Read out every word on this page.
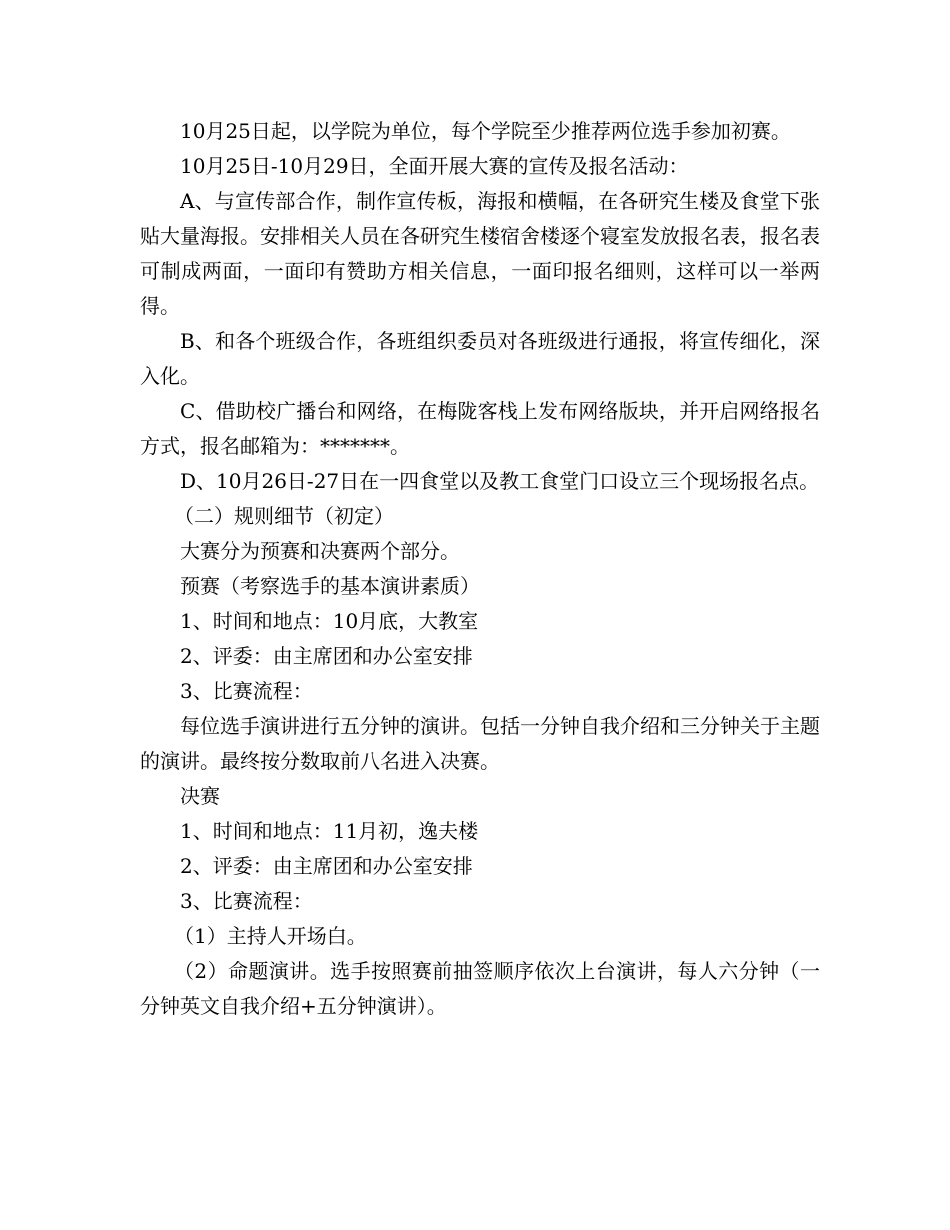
10月25日起，以学院为单位，每个学院至少推荐两位选手参加初赛。

10月25日-10月29日，全面开展大赛的宣传及报名活动：

A、与宣传部合作，制作宣传板，海报和横幅，在各研究生楼及食堂下张贴大量海报。安排相关人员在各研究生楼宿舍楼逐个寝室发放报名表，报名表可制成两面，一面印有赞助方相关信息，一面印报名细则，这样可以一举两得。

B、和各个班级合作，各班组织委员对各班级进行通报，将宣传细化，深入化。

C、借助校广播台和网络，在梅陇客栈上发布网络版块，并开启网络报名方式，报名邮箱为：*******。

D、10月26日-27日在一四食堂以及教工食堂门口设立三个现场报名点。

（二）规则细节（初定）

大赛分为预赛和决赛两个部分。

预赛（考察选手的基本演讲素质）

1、时间和地点：10月底，大教室

2、评委：由主席团和办公室安排

3、比赛流程：

每位选手演讲进行五分钟的演讲。包括一分钟自我介绍和三分钟关于主题的演讲。最终按分数取前八名进入决赛。

决赛

1、时间和地点：11月初，逸夫楼

2、评委：由主席团和办公室安排

3、比赛流程：

（1）主持人开场白。

（2）命题演讲。选手按照赛前抽签顺序依次上台演讲，每人六分钟（一分钟英文自我介绍+五分钟演讲）。
